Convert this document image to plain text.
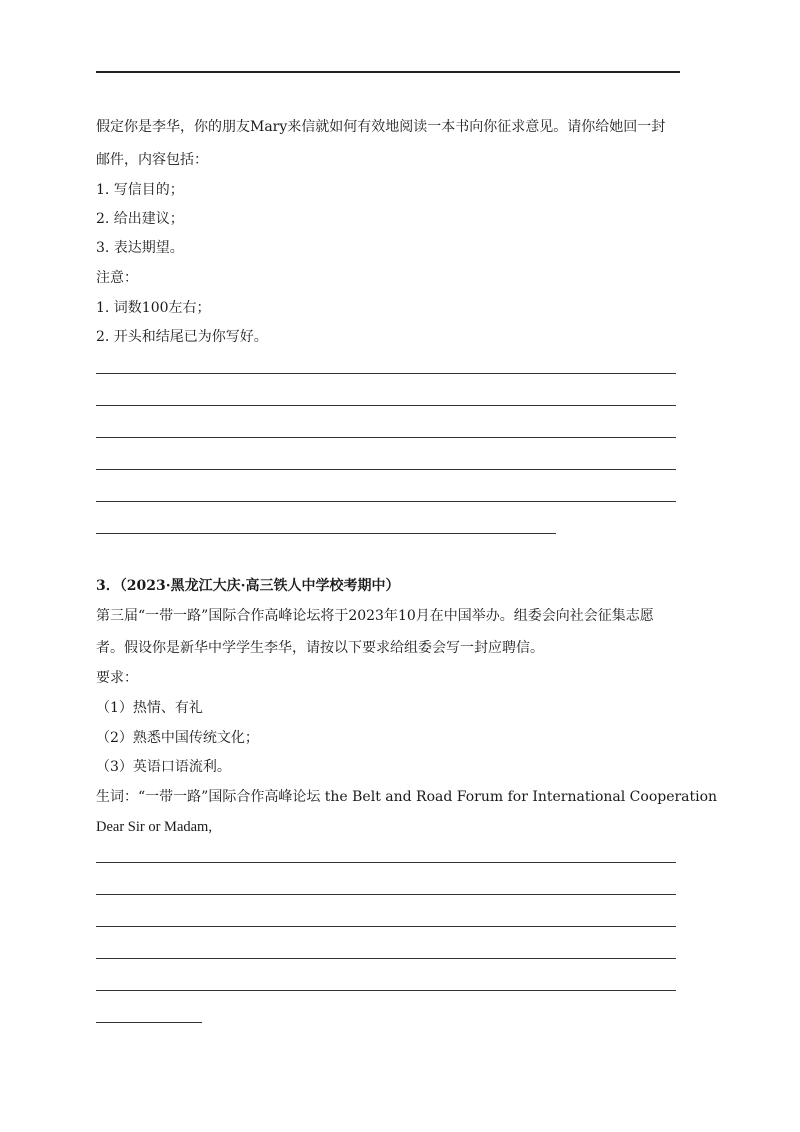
假定你是李华，你的朋友Mary来信就如何有效地阅读一本书向你征求意见。请你给她回一封
邮件，内容包括：
1. 写信目的；
2. 给出建议；
3. 表达期望。
注意：
1. 词数100左右；
2. 开头和结尾已为你写好。
3．（2023·黑龙江大庆·高三铁人中学校考期中）
第三届“一带一路”国际合作高峰论坛将于2023年10月在中国举办。组委会向社会征集志愿
者。假设你是新华中学学生李华，请按以下要求给组委会写一封应聘信。
要求：
（1）热情、有礼
（2）熟悉中国传统文化；
（3）英语口语流利。
生词：“一带一路”国际合作高峰论坛 the Belt and Road Forum for International Cooperation
Dear Sir or Madam,
